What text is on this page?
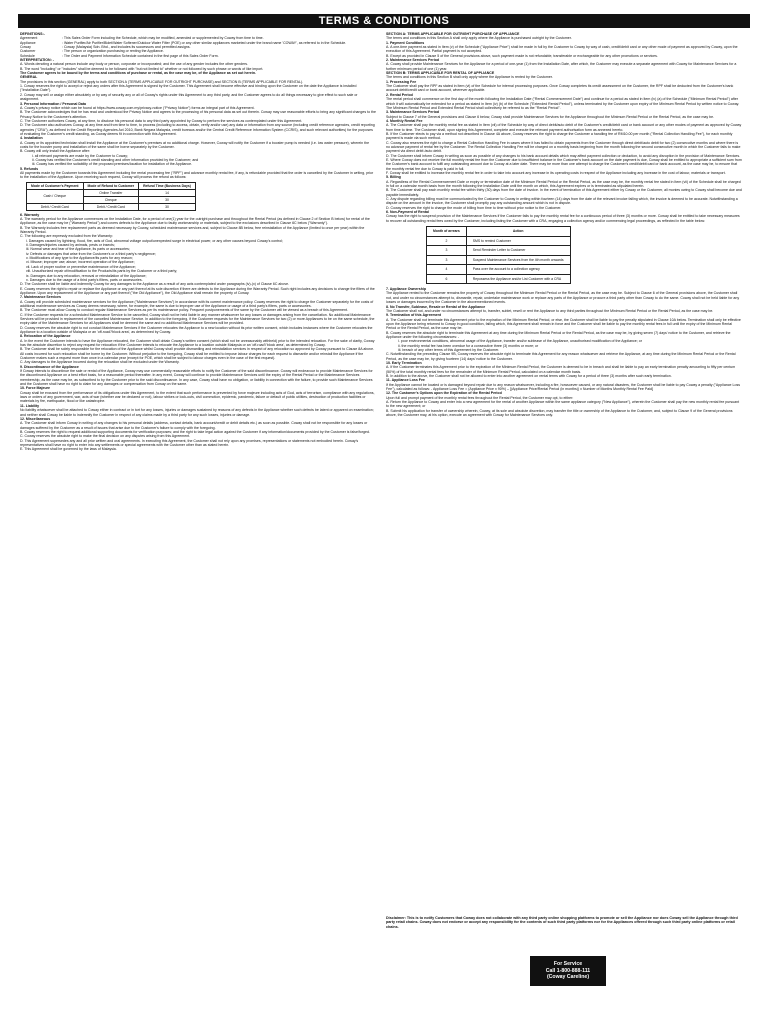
TERMS & CONDITIONS

DEFINITIONS:-

Agreement	: This Sales Order Form including the Schedule, which may be modified, amended or supplemented by Coway from time to time.
Appliance	: Water Purifier/Air Purifier/Bidet/Water Softener/Outdoor Water Filter (POE) or any other similar appliances marketed under the brand name 'COWAY', as referred to in the Schedule.
Coway	: Coway (Malaysia) Sdn. Bhd., and includes its successors and permitted assigns.
Customer	: The person or organization purchasing or renting the Appliance.
Schedule	: The Order and Payment Information Schedule contained in the first page of this Sales Order Form.

INTERPRETATION: -

A. Words denoting a natural person include any body or person, corporate or incorporated; and the use of any gender includes the other genders.

B. The word "including" or "includes" shall be deemed to be followed with "but not limited to" whether or not followed by such phrase or words of like import.

The Customer agrees to be bound by the terms and conditions of purchase or rental, as the case may be, of the Appliance as set out herein.

GENERAL

The provisions in this section (GENERAL) apply to both SECTION A (TERMS APPLICABLE FOR OUTRIGHT PURCHASE) and SECTION B (TERMS APPLICABLE FOR RENTAL).

1. Coway reserves the right to accept or reject any orders after this Agreement is signed by the Customer. This Agreement shall become effective and binding upon the Customer on the date the Appliance is installed ("Installation Date").

2. Coway may sell or assign either absolutely or by way of security any or all of Coway's rights under this Agreement to any third party, and the Customer agrees to do all things necessary to give effect to such sale or assignment.

3. Personal Information / Personal Data

A. Coway's privacy notice which can be found at https://www.coway.com.my/privacy-notice ("Privacy Notice") forms an integral part of this Agreement.

B. The Customer acknowledges that he has read and understood the Privacy Notice and agrees to the processing of his personal data as set out therein. Coway may use reasonable efforts to bring any significant changes to the Privacy Notice to the Customer's attention.

C. The Customer authorizes Coway, at any time, to disclose his personal data to any third party appointed by Coway to perform the services as contemplated under this Agreement.

D. The Customer also authorizes Coway, at any time and from time to time, to process (including to access, obtain, verify and/or use) any data or information from any source (including credit reference agencies, credit reporting agencies ("CRA"), as defined in the Credit Reporting Agencies Act 2010, Bank Negara Malaysia, credit bureaus and/or the Central Credit Reference Information System (CCRIS), and such relevant authorities) for the purposes of evaluating the Customer's credit standing, as Coway deems fit in connection with this Agreement.

4. Installation

A. Coway or its appointed technician shall install the Appliance at the Customer's premises at no additional charge. However, Coway will notify the Customer if a booster pump is needed (i.e. low water pressure), wherein the costs for the booster pump and installation of the same shall be borne separately by the Customer.

B. Coway will only install the Appliance after:

i. all relevant payments are made by the Customer to Coway;

ii. Coway has verified the Customer's credit standing and other information provided by the Customer; and

iii. Coway has verified the suitability of the proposed premises/location for installation of the Appliance.

5. Refunds

All payments made by the Customer towards this Agreement including the rental processing fee ("RPF") and advance monthly rental fee, if any, is refundable provided that the order is cancelled by the Customer in writing, prior to the installation of the Appliance. Upon receiving such request, Coway will process the refund as follows:

Mode of Customer's Payment	Mode of Refund to Customer	Refund Time (Business Days)
Cash / Cheque	Online Transfer	14
	Cheque	30
Debit / Credit Card	Debit / Credit Card	30

6. Warranty

A. The warranty period for the Appliance commences on the Installation Date, for a period of one(1) year for the outright purchase and throughout the Rental Period (as defined in Clause 2 of Section B below) for rental of the Appliance, as the case may be ("Warranty Period") and covers defects to the Appliance due to faulty workmanship or materials, subject to the exclusions described in Clause 6C below ("Warranty").

B. The Warranty includes free replacement parts as deemed necessary by Coway, scheduled maintenance services and, subject to Clause 8B below, free reinstallation of the Appliance (limited to once per year) within the Warranty Period.

C. The following are expressly excluded from the Warranty:

i. Damages caused by lightning, flood, fire, acts of God, abnormal voltage output/unexpected surge in electrical power, or any other causes beyond Coway's control;

ii. Damages/injuries caused by animals, pests or insects;

iii. Normal wear and tear of the Appliance, its parts or accessories;

iv. Defects or damages that arise from the Customer's or a third party's negligence;

v. Modifications of any type to the Appliance/its parts for any reason;

vi. Misuse; improper use; abuse; incorrect operation of the Appliance;

vii. Lack of proper routine or preventive maintenance of the Appliance;

viii. Unauthorized repair of/modification to the Products/its parts by the Customer or a third party;

ix. Damages due to any relocation, removal or reinstallation of the Appliance;

x. Damages due to the usage of a third party's filters, parts or accessories.

D. The Customer shall be liable and indemnify Coway for any damages to the Appliance as a result of any acts contemplated under paragraphs (iv)-(x) of Clause 6C above.

E. Coway reserves the right to repair or replace the Appliance or any part thereof at its sole discretion if there are defects to the Appliance during the Warranty Period. Such right includes any decisions to change the filters of the Appliance. Upon any replacement of the Appliance or any part thereof ("the Old Appliance"), the Old Appliance shall remain the property of Coway.

7. Maintenance Services

A. Coway will provide scheduled maintenance services for the Appliance ("Maintenance Services") in accordance with its current maintenance policy. Coway reserves the right to charge the Customer separately for the costs of additional maintenance services as Coway deems necessary, where, for example, the same is due to improper use of the Appliance or usage of a third party's filters, parts or accessories.

B. The Customer must allow Coway to conduct regular Maintenance Services as per its maintenance policy. Frequent postponements of the same by the Customer will be viewed as a breach of this Agreement.

C. If the Customer requests for a scheduled Maintenance Service to be cancelled, Coway shall not be held liable in any manner whatsoever for any losses or damages arising from the cancellation. No additional Maintenance Services will be provided in replacement of the cancelled Maintenance Service. In addition to the foregoing, if the Customer requests for the Maintenance Services for two (2) or more Appliances to be on the same schedule, the expiry date of the Maintenance Services for all Appliances shall be deemed the same and no additional Maintenance Services will be provided.

D. Coway reserves the absolute right to not conduct Maintenance Services if the Customer relocates the Appliance to a new location without its prior written consent, which includes instances where the Customer relocates the Appliance to a location outside of Malaysia or an 'off-road'/'block area', as determined by Coway.

8. Relocation of the Appliance

A. In the event the Customer intends to have the Appliance relocated, the Customer shall obtain Coway's written consent (which shall not be unreasonably withheld) prior to the intended relocation. For the sake of clarity, Coway has the absolute discretion to reject any request for relocation if the Customer intends to relocate the Appliance to a location outside Malaysia or an 'off-road'/'block area', as determined by Coway.

B. The Customer shall be solely responsible for the relocation of the Appliance whilst Coway shall provide dismantling and reinstallation services in respect of any relocation so approved by Coway pursuant to Clause 8A above. All costs incurred for such relocation shall be borne by the Customer. Without prejudice to the foregoing, Coway shall be entitled to impose labour charges for each request to dismantle and/or reinstall the Appliance if the Customer makes such a request more than once in a calendar year (except for POE, which shall be subject to labour charges even in the case of the first request).

C. Any damages to the Appliance incurred during the relocation shall be excluded under the Warranty.

9. Discontinuance of the Appliance

If Coway intends to discontinue the sale or rental of the Appliance, Coway may use commercially reasonable efforts to notify the Customer of the said discontinuance. Coway will endeavour to provide Maintenance Services for the discontinued Appliance on a best effort basis, for a reasonable period thereafter. In any event, Coway will continue to provide Maintenance Services until the expiry of the Rental Period or the Maintenance Services membership, as the case may be, as subscribed to by the Customer prior to the said discontinuance. In any case, Coway shall have no obligation, or liability in connection with the failure, to provide such Maintenance Services and the Customer shall have no right to claim for any damages or compensation from Coway on the same.

10. Force Majeure

Coway shall be excused from the performance of its obligations under this Agreement, to the extent that such performance is prevented by force majeure including acts of God, acts of terrorism, compliance with any regulations, laws or orders of any government, war, acts of war (whether war be declared or not), labour strikes or lock-outs, civil commotion, epidemic, pandemic, failure or default of public utilities, destruction of production facilities or materials by fire, earthquake, flood or like catastrophe.

11. Liability

No liability whatsoever shall be attached to Coway either in contract or in tort for any losses, injuries or damages sustained by reasons of any defects in the Appliance whether such defects be latent or apparent on examination; and neither shall Coway be liable to indemnify the Customer in respect of any claims made by a third party for any such losses, injuries or damage.

12. Miscellaneous

A. The Customer shall inform Coway in writing of any changes to his personal details (address, contact details, bank account/credit or debit details etc.) as soon as possible. Coway shall not be responsible for any losses or damages suffered by the Customer as a result of issues that arise due to the Customer's failure to comply with the foregoing.

B. Coway reserves the right to request additional supporting documents for verification purposes; and the right to take legal action against the Customer if any information/documents provided by the Customer is false/forged.

C. Coway reserves the absolute right to make the final decision on any disputes arising from this Agreement.

D. This Agreement supersedes any and all prior written and oral agreements. In executing this Agreement, the Customer shall not rely upon any promises, representations or statements not embodied herein. Coway's representatives shall have no right to enter into any settlements or special agreements with the Customer other than as stated herein.

E. This Agreement shall be governed by the laws of Malaysia.

SECTION A: TERMS APPLICABLE FOR OUTRIGHT PURCHASE OF APPLIANCE

The terms and conditions in this Section A shall only apply where the Appliance is purchased outright by the Customer.

1. Payment Conditions

A. A one-time payment as stated in Item (v) of the Schedule ("Appliance Price") shall be made in full by the Customer to Coway by way of cash, credit/debit card or any other mode of payment as approved by Coway, upon the execution of this Agreement. Partial payment is not accepted.

B. Except as provided in Clause 5 of the General provisions above, such payment made is not refundable, transferable or exchangeable for any other promotions or services.

2. Maintenance Services Period

A. Coway shall provide Maintenance Services for the Appliance for a period of one-year (1) from the Installation Date, after which, the Customer may execute a separate agreement with Coway for Maintenance Services for a further minimum period of one (1) year.

SECTION B: TERMS APPLICABLE FOR RENTAL OF APPLIANCE

The terms and conditions in this Section B shall only apply where the Appliance is rented by the Customer.

1. Processing Fee

The Customer shall pay the RPF as stated in Item (vi) of the Schedule for internal processing purposes. Once Coway completes its credit assessment on the Customer, the RPF shall be deducted from the Customer's bank account debit/credit card or bank account, wherever applicable.

2. Rental Period

The rental period shall commence on the first day of the month following the Installation Date ("Rental Commencement Date") and continue for a period as stated in Item (iv) (a) of the Schedule ("Minimum Rental Period") after which it will automatically be extended for a period as stated in Item (iv) (b) of the Schedule ("Extended Rental Period"), unless terminated by the Customer upon expiry of the Minimum Rental Period by written notice to Coway. The Minimum Rental Period and Extended Rental Period shall collectively be referred to as the "Rental Period".

3. Maintenance Services Period

Subject to Clause 7 of the General provisions and Clause 6 below, Coway shall provide Maintenance Services for the Appliance throughout the Minimum Rental Period or the Rental Period, as the case may be.

4. Monthly Rental Fee

A. The Customer shall pay the monthly rental fee as stated in Item (vii) of the Schedule by way of direct debit/auto debit of the Customer's credit/debit card or bank account or any other modes of payment as approved by Coway from time to time. The Customer shall, upon signing this Agreement, complete and execute the relevant payment authorisation form as annexed hereto.

B. If the Customer elects to pay via a method not described in Clause 4A above, Coway reserves the right to charge the Customer a handling fee of RM10.00 per month ("Rental Collection Handling Fee"), for each monthly payment is made via such method.

C. Coway also reserves the right to charge a Rental Collection Handling Fee in cases where it has failed to obtain payments from the Customer through direct debit/auto debit for two (2) consecutive months and where there is no advance payment of rental fee by the Customer. The Rental Collection Handling Fee will be charged on a monthly basis beginning from the month following the second consecutive month in which the Customer fails to make payment via direct debit /auto debit.

D. The Customer shall inform Coway in writing as soon as possible of any changes to his bank account details which may affect payment collection or deduction, to avoid any disruption in the provision of Maintenance Services.

E. Where Coway does not receive the full monthly rental fee from the Customer due to insufficient balance in the Customer's bank account on the date payment is due, Coway shall be entitled to appropriate a sufficient sum from the Customer's bank account to fulfil any outstanding amount due to Coway at a later date. There may be more than one attempt to charge the Customer's credit/debit card or bank account, as the case may be, to ensure that the monthly rental fee due to Coway is paid in full.

F. Coway shall be entitled to increase the monthly rental fee in order to take into account any increase in its operating costs in respect of the Appliance including any increase in the cost of labour, materials or transport.

5. Billing

A. Regardless of the Rental Commencement Date or expiry or termination date of the Minimum Rental Period or the Rental Period, as the case may be, the monthly rental fee stated in Item (vii) of the Schedule shall be charged in full on a calendar month basis from the month following the Installation Date until the month on which, this Agreement expires or is terminated as stipulated herein.

B. The Customer shall pay each monthly rental fee within thirty (30) days from the date of invoice. In the event of termination of this Agreement either by Coway or the Customer, all monies owing to Coway shall become due and payable immediately.

C. Any dispute regarding billing must be communicated by the Customer to Coway in writing within fourteen (14) days from the date of the relevant invoice failing which, the invoice is deemed to be accurate. Notwithstanding a dispute on the amount in the invoice, the Customer shall promptly pay any outstanding amount which is not in dispute.

D. Coway reserves the right to change the mode of billing from time to time without prior notice to the Customer.

6. Non-Payment of Rental

Coway has the right to suspend provision of the Maintenance Services if the Customer fails to pay the monthly rental fee for a continuous period of three (3) months or more. Coway shall be entitled to take necessary measures to recover all outstanding rental fees owed by the Customer, including listing the Customer with a CRA, engaging a collection agency and/or commencing legal proceedings, as reflected in the table below:

Month of arrears	Action
2	SMS to remind Customer
3	Send Reminder Letter to Customer
3	Suspend Maintenance Services from the 4th month onwards
4	Pass over the account to a collection agency
6	Repossess the Appliance and/or List Customer with a CRA

7. Appliance Ownership

The Appliance rented to the Customer remains the property of Coway throughout the Minimum Rental Period or the Rental Period, as the case may be. Subject to Clause 6 of the General provisions above, the Customer shall not, and under no circumstances attempt to, dismantle, repair, undertake maintenance work or replace any parts of the Appliance or procure a third party other than Coway to do the same. Coway shall not be held liable for any losses or damages incurred by the Customer in the abovementioned events.

8. No Transfer, Sublease, Resale or Rental of the Appliance

The Customer shall not, and under no circumstances attempt to, transfer, sublet, resell or rent the Appliance to any third parties throughout the Minimum Rental Period or the Rental Period, as the case may be.

9. Termination of this Agreement

A. The Customer shall not terminate this Agreement prior to the expiration of the Minimum Rental Period, or else, the Customer shall be liable to pay the penalty stipulated in Clause 10A below. Termination shall only be effective upon the Appliance being returned to Coway in good condition, failing which, this Agreement shall remain in force and the Customer shall be liable to pay the monthly rental fees in full until the expiry of the Minimum Rental Period or the Rental Period, as the case may be.

B. Coway reserves the absolute right to terminate this Agreement at any time during the Minimum Rental Period or the Rental Period, as the case may be, by giving seven (7) days' notice to the Customer, and retrieve the Appliance under the following circumstances: -

i. poor environmental conditions, abnormal usage of the Appliance, transfer and/or sublease of the Appliance, unauthorised modification of the Appliance; or

ii. the monthly rental fee has been overdue for a consecutive three (3) months or more; or

iii. breach of any other terms of this Agreement by the Customer.

C. Notwithstanding the preceding Clause 9B, Coway reserves the absolute right to terminate this Agreement for any reason whatsoever and retrieve the Appliance, at any time during the Minimum Rental Period or the Rental Period, as the case may be, by giving fourteen (14) days' notice to the Customer.

10. Early Termination

A. If the Customer terminates this Agreement prior to the expiration of the Minimum Rental Period, the Customer is deemed to be in breach and shall be liable to pay an early termination penalty amounting to fifty per centum (50%) of the total monthly rental fees for the remainder of the Minimum Rental Period, calculated on a calendar month basis.

B. In addition to the above, the Customer shall not be allowed to enter into another agreement on rental terms with Coway for a period of three (3) months after such early termination.

11. Appliance Loss Fee

If the Appliance cannot be located or is damaged beyond repair due to any reason whatsoever, including a fire, howsoever caused, or any natural disasters, the Customer shall be liable to pay Coway a penalty ("Appliance Loss Fee"), calculated as follows: - Appliance Loss Fee = (Appliance Price x 90%) – [(Appliance Price/Rental Period (in months)) x Number of Months Monthly Rental Fee Paid]

12. The Customer's Options upon the Expiration of the Rental Period

Upon full and prompt payment of the monthly rental fees throughout the Rental Period, the Customer may opt, to either:

A. Return the Appliance to Coway and enter into a new agreement for the rental of another Appliance within the same appliance category ("New Appliance"), wherein the Customer shall pay the new monthly rental fee pursuant to the new agreement; or

B. Submit his application for transfer of ownership wherein, Coway, at its sole and absolute discretion, may transfer the title or ownership of the Appliance to the Customer, and, subject to Clause 9 of the General provisions above, the Customer may, at his option, execute an agreement with Coway for Maintenance Services only.

Disclaimer: This is to notify Customers that Coway does not collaborate with any third party online shopping platforms to promote or sell the Appliance nor does Coway sell the Appliance through third party retail chains. Coway does not endorse or accept any responsibility for the contents of such third party platforms nor for the Appliances offered through such third party online platforms or retail chains.

For Service
Call 1-800-888-111
(Coway Careline)
